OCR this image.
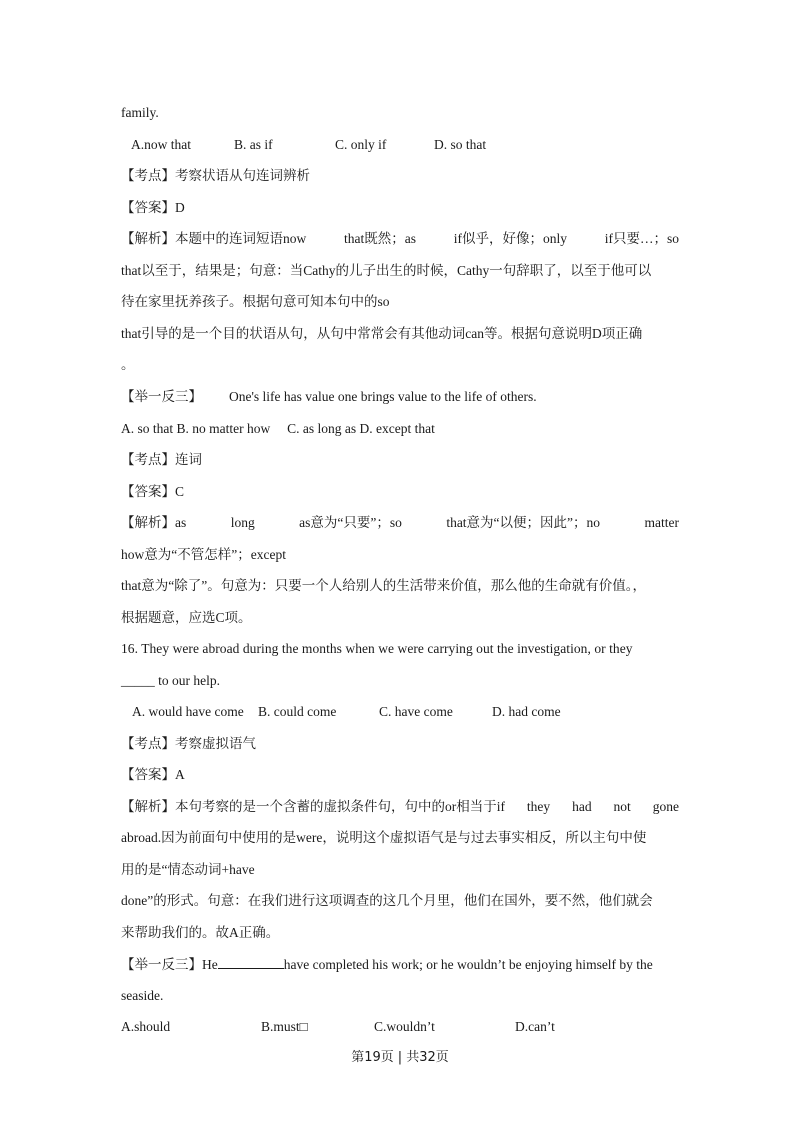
family.
A.now that	B. as if	C. only if	D. so that
【考点】考察状语从句连词辨析
【答案】D
【解析】本题中的连词短语now	that既然；as	if似乎，好像；only	if只要…；so
that以至于，结果是；句意：当Cathy的儿子出生的时候，Cathy一句辞职了，以至于他可以
待在家里抚养孩子。根据句意可知本句中的so
that引导的是一个目的状语从句，从句中常常会有其他动词can等。根据句意说明D项正确
。
【举一反三】 One's life has value one brings value to the life of others.
A. so that B. no matter how     C. as long as D. except that
【考点】连词
【答案】C
【解析】as	long	as意为“只要”；so	that意为“以便；因此”；no	matter
how意为“不管怎样”；except
that意为“除了”。句意为：只要一个人给别人的生活带来价值，那么他的生命就有价值。，
根据题意，应选C项。
16. They were abroad during the months when we were carrying out the investigation, or they
_____ to our help.
A. would have come B. could come	C. have come	D. had come
【考点】考察虚拟语气
【答案】A
【解析】本句考察的是一个含蓄的虚拟条件句，句中的or相当于if they had not gone
abroad.因为前面句中使用的是were，说明这个虚拟语气是与过去事实相反，所以主句中使
用的是“情态动词+have
done”的形式。句意：在我们进行这项调查的这几个月里，他们在国外，要不然，他们就会
来帮助我们的。故A正确。
【举一反三】He	have completed his work; or he wouldn’t be enjoying himself by the
seaside.
A.should	B.must□	C.wouldn’t	D.can’t
第19页 | 共32页
